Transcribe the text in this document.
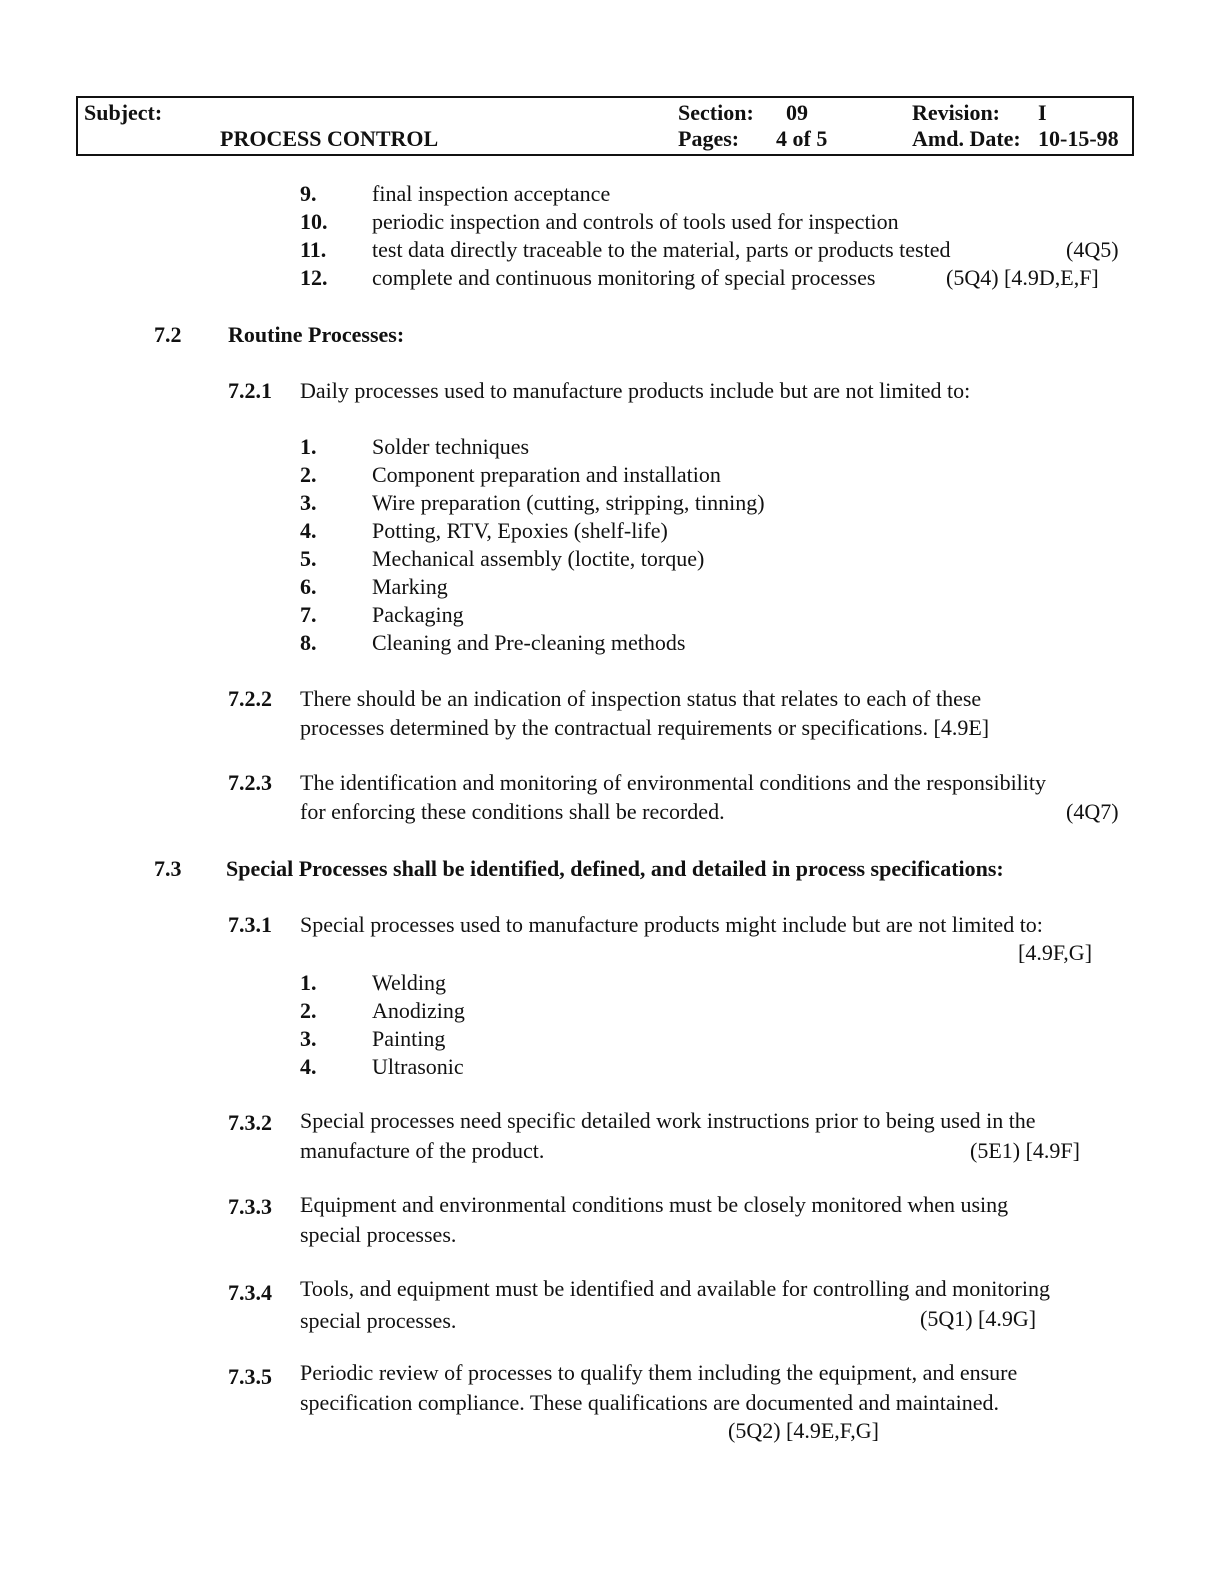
Subject:
PROCESS CONTROL
Section: 09
Pages: 4 of 5
Revision: I
Amd. Date: 10-15-98
9.	final inspection acceptance
10. periodic inspection and controls of tools used for inspection
11. test data directly traceable to the material, parts or products tested	(4Q5)
12. complete and continuous monitoring of special processes	(5Q4) [4.9D,E,F]
7.2 Routine Processes:
7.2.1 Daily processes used to manufacture products include but are not limited to:
1.	Solder techniques
2.	Component preparation and installation
3.	Wire preparation (cutting, stripping, tinning)
4.	Potting, RTV, Epoxies (shelf-life)
5.	Mechanical assembly (loctite, torque)
6.	Marking
7.	Packaging
8.	Cleaning and Pre-cleaning methods
7.2.2 There should be an indication of inspection status that relates to each of these
processes determined by the contractual requirements or specifications. [4.9E]
7.2.3 The identification and monitoring of environmental conditions and the responsibility
for enforcing these conditions shall be recorded.	(4Q7)
7.3 Special Processes shall be identified, defined, and detailed in process specifications:
7.3.1 Special processes used to manufacture products might include but are not limited to:
[4.9F,G]
1.	Welding
2.	Anodizing
3.	Painting
4.	Ultrasonic
7.3.2 Special processes need specific detailed work instructions prior to being used in the
manufacture of the product.	(5E1) [4.9F]
7.3.3 Equipment and environmental conditions must be closely monitored when using
special processes.
7.3.4 Tools, and equipment must be identified and available for controlling and monitoring
special processes.	(5Q1) [4.9G]
7.3.5 Periodic review of processes to qualify them including the equipment, and ensure
specification compliance. These qualifications are documented and maintained.
(5Q2) [4.9E,F,G]
